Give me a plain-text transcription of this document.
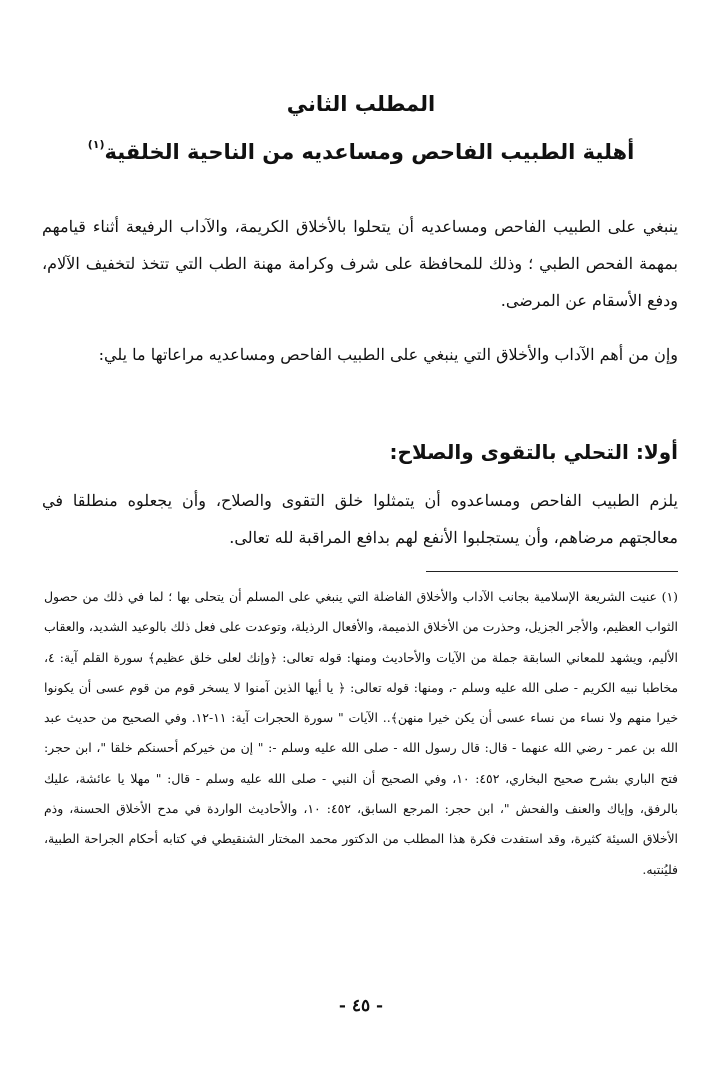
المطلب الثاني
أهلية الطبيب الفاحص ومساعديه من الناحية الخلقية$^{(١)}$
ينبغي على الطبيب الفاحص ومساعديه أن يتحلوا بالأخلاق الكريمة، والآداب الرفيعة أثناء قيامهم بمهمة الفحص الطبي ؛ وذلك للمحافظة على شرف وكرامة مهنة الطب التي تتخذ لتخفيف الآلام، ودفع الأسقام عن المرضى.
وإن من أهم الآداب والأخلاق التي ينبغي على الطبيب الفاحص ومساعديه مراعاتها ما يلي:
أولا: التحلي بالتقوى والصلاح:
يلزم الطبيب الفاحص ومساعدوه أن يتمثلوا خلق التقوى والصلاح، وأن يجعلوه منطلقا في معالجتهم مرضاهم، وأن يستجلبوا الأنفع لهم بدافع المراقبة لله تعالى.
(١) عنيت الشريعة الإسلامية بجانب الآداب والأخلاق الفاضلة التي ينبغي على المسلم أن يتحلى بها ؛ لما في ذلك من حصول الثواب العظيم، والأجر الجزيل، وحذرت من الأخلاق الذميمة، والأفعال الرذيلة، وتوعدت على فعل ذلك بالوعيد الشديد، والعقاب الأليم، ويشهد للمعاني السابقة جملة من الآيات والأحاديث ومنها: قوله تعالى: ﴿وإنك لعلى خلق عظيم﴾ سورة القلم آية: ٤، مخاطبا نبيه الكريم - صلى الله عليه وسلم -، ومنها: قوله تعالى: ﴿ يا أيها الذين آمنوا لا يسخر قوم من قوم عسى أن يكونوا خيرا منهم ولا نساء من نساء عسى أن يكن خيرا منهن﴾.. الآيات " سورة الحجرات آية: ١١-١٢. وفي الصحيح من حديث عبد الله بن عمر - رضي الله عنهما - قال: قال رسول الله - صلى الله عليه وسلم -: " إن من خيركم أحسنكم خلقا "، ابن حجر: فتح الباري بشرح صحيح البخاري، ٤٥٢: ١٠، وفي الصحيح أن النبي - صلى الله عليه وسلم - قال: " مهلا يا عائشة، عليك بالرفق، وإياك والعنف والفحش "، ابن حجر: المرجع السابق، ٤٥٢: ١٠، والأحاديث الواردة في مدح الأخلاق الحسنة، وذم الأخلاق السيئة كثيرة، وقد استفدت فكرة هذا المطلب من الدكتور محمد المختار الشنقيطي في كتابه أحكام الجراحة الطبية، فليُنتبه.
- ٤٥ -
